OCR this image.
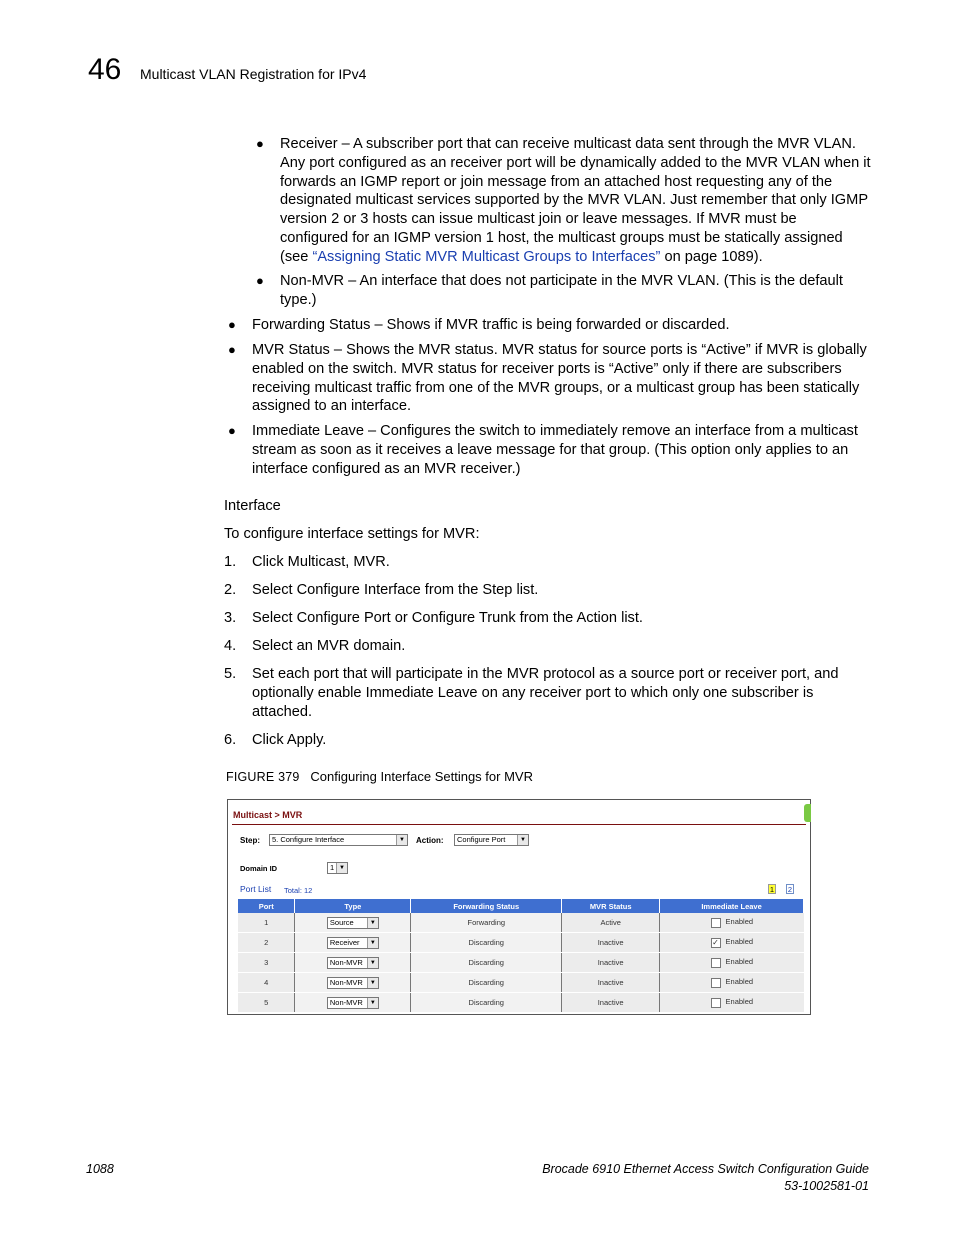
46 Multicast VLAN Registration for IPv4
● Receiver – A subscriber port that can receive multicast data sent through the MVR VLAN.
Any port configured as an receiver port will be dynamically added to the MVR VLAN when it
forwards an IGMP report or join message from an attached host requesting any of the
designated multicast services supported by the MVR VLAN. Just remember that only IGMP
version 2 or 3 hosts can issue multicast join or leave messages. If MVR must be
configured for an IGMP version 1 host, the multicast groups must be statically assigned
(see “Assigning Static MVR Multicast Groups to Interfaces” on page 1089).
● Non-MVR – An interface that does not participate in the MVR VLAN. (This is the default
type.)
● Forwarding Status – Shows if MVR traffic is being forwarded or discarded.
● MVR Status – Shows the MVR status. MVR status for source ports is “Active” if MVR is globally
enabled on the switch. MVR status for receiver ports is “Active” only if there are subscribers
receiving multicast traffic from one of the MVR groups, or a multicast group has been statically
assigned to an interface.
● Immediate Leave – Configures the switch to immediately remove an interface from a multicast
stream as soon as it receives a leave message for that group. (This option only applies to an
interface configured as an MVR receiver.)
Interface
To configure interface settings for MVR:
1. Click Multicast, MVR.
2. Select Configure Interface from the Step list.
3. Select Configure Port or Configure Trunk from the Action list.
4. Select an MVR domain.
5. Set each port that will participate in the MVR protocol as a source port or receiver port, and
optionally enable Immediate Leave on any receiver port to which only one subscriber is
attached.
6. Click Apply.
FIGURE 379 Configuring Interface Settings for MVR
Multicast > MVR
Step:	5. Configure Interface	▼ Action:	Configure Port	▼
Domain ID	1 ▼
Port List Total: 12	1 2
Port	Type	Forwarding Status	MVR Status	Immediate Leave
1	Source ▼	Forwarding	Active	Enabled
2	Receiver ▼	Discarding	Inactive	✓ Enabled
3	Non-MVR ▼	Discarding	Inactive	Enabled
4	Non-MVR ▼	Discarding	Inactive	Enabled
5	Non-MVR ▼	Discarding	Inactive	Enabled
1088	Brocade 6910 Ethernet Access Switch Configuration Guide
53-1002581-01
